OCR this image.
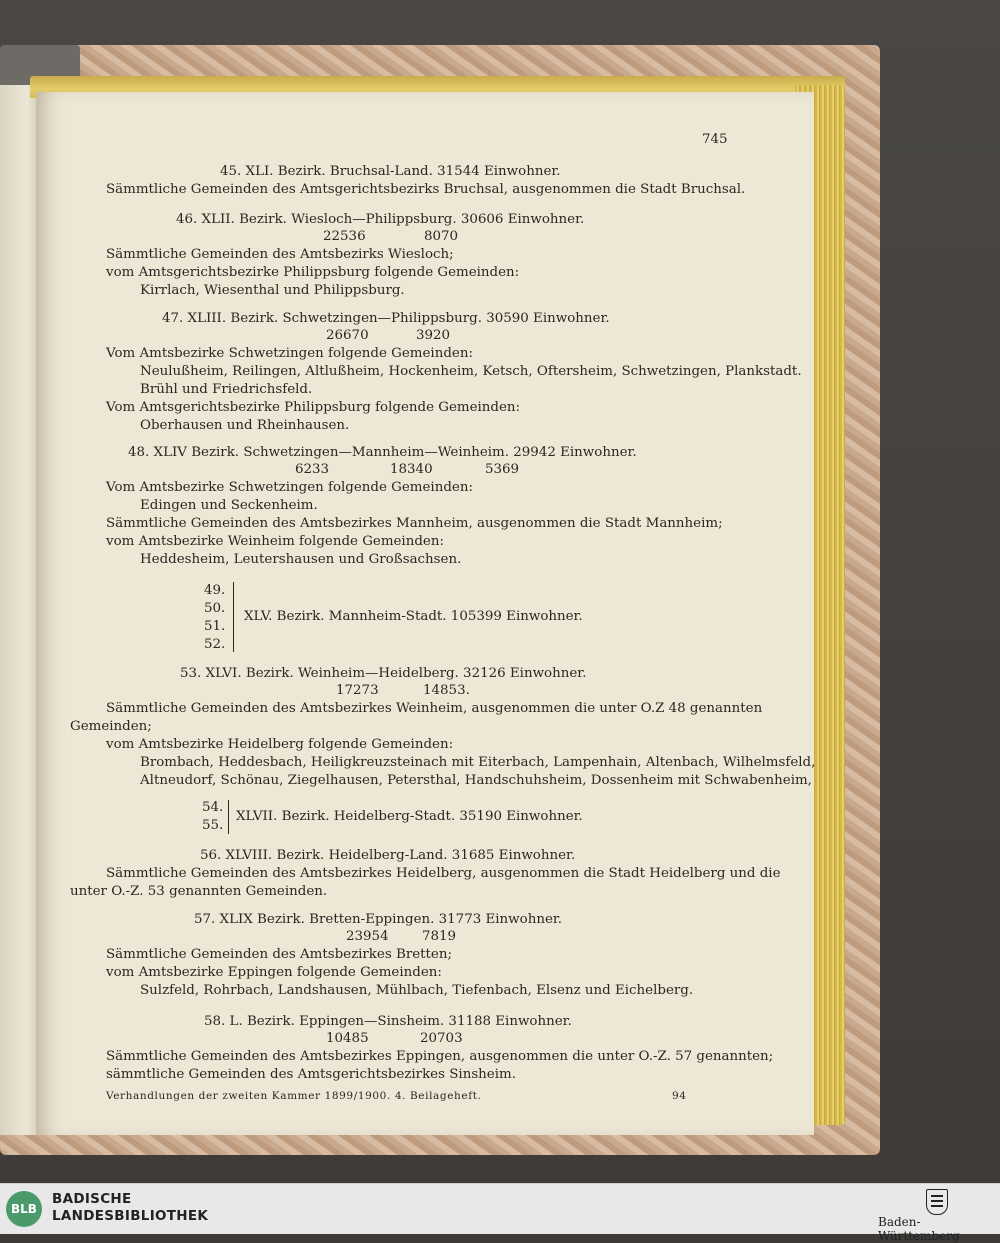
745
45. XLI. Bezirk. Bruchsal-Land. 31544 Einwohner.
Sämmtliche Gemeinden des Amtsgerichtsbezirks Bruchsal, ausgenommen die Stadt Bruchsal.
46. XLII. Bezirk. Wiesloch—Philippsburg. 30606 Einwohner.
22536	8070
Sämmtliche Gemeinden des Amtsbezirks Wiesloch;
vom Amtsgerichtsbezirke Philippsburg folgende Gemeinden:
Kirrlach, Wiesenthal und Philippsburg.
47. XLIII. Bezirk. Schwetzingen—Philippsburg. 30590 Einwohner.
26670	3920
Vom Amtsbezirke Schwetzingen folgende Gemeinden:
Neulußheim, Reilingen, Altlußheim, Hockenheim, Ketsch, Oftersheim, Schwetzingen, Plankstadt.
Brühl und Friedrichsfeld.
Vom Amtsgerichtsbezirke Philippsburg folgende Gemeinden:
Oberhausen und Rheinhausen.
48. XLIV Bezirk. Schwetzingen—Mannheim—Weinheim. 29942 Einwohner.
6233	18340	5369
Vom Amtsbezirke Schwetzingen folgende Gemeinden:
Edingen und Seckenheim.
Sämmtliche Gemeinden des Amtsbezirkes Mannheim, ausgenommen die Stadt Mannheim;
vom Amtsbezirke Weinheim folgende Gemeinden:
Heddesheim, Leutershausen und Großsachsen.
49.
50.
51.
52.
XLV. Bezirk. Mannheim-Stadt. 105399 Einwohner.
53. XLVI. Bezirk. Weinheim—Heidelberg. 32126 Einwohner.
17273	14853.
Sämmtliche Gemeinden des Amtsbezirkes Weinheim, ausgenommen die unter O.Z 48 genannten
Gemeinden;
vom Amtsbezirke Heidelberg folgende Gemeinden:
Brombach, Heddesbach, Heiligkreuzsteinach mit Eiterbach, Lampenhain, Altenbach, Wilhelmsfeld,
Altneudorf, Schönau, Ziegelhausen, Petersthal, Handschuhsheim, Dossenheim mit Schwabenheim,
54.
55.
XLVII. Bezirk. Heidelberg-Stadt. 35190 Einwohner.
56. XLVIII. Bezirk. Heidelberg-Land. 31685 Einwohner.
Sämmtliche Gemeinden des Amtsbezirkes Heidelberg, ausgenommen die Stadt Heidelberg und die
unter O.-Z. 53 genannten Gemeinden.
57. XLIX Bezirk. Bretten-Eppingen. 31773 Einwohner.
23954 7819
Sämmtliche Gemeinden des Amtsbezirkes Bretten;
vom Amtsbezirke Eppingen folgende Gemeinden:
Sulzfeld, Rohrbach, Landshausen, Mühlbach, Tiefenbach, Elsenz und Eichelberg.
58. L. Bezirk. Eppingen—Sinsheim. 31188 Einwohner.
10485	20703
Sämmtliche Gemeinden des Amtsbezirkes Eppingen, ausgenommen die unter O.-Z. 57 genannten;
sämmtliche Gemeinden des Amtsgerichtsbezirkes Sinsheim.
Verhandlungen der zweiten Kammer 1899/1900. 4. Beilageheft.	94
BLB
BADISCHE
LANDESBIBLIOTHEK	Baden-Württemberg
